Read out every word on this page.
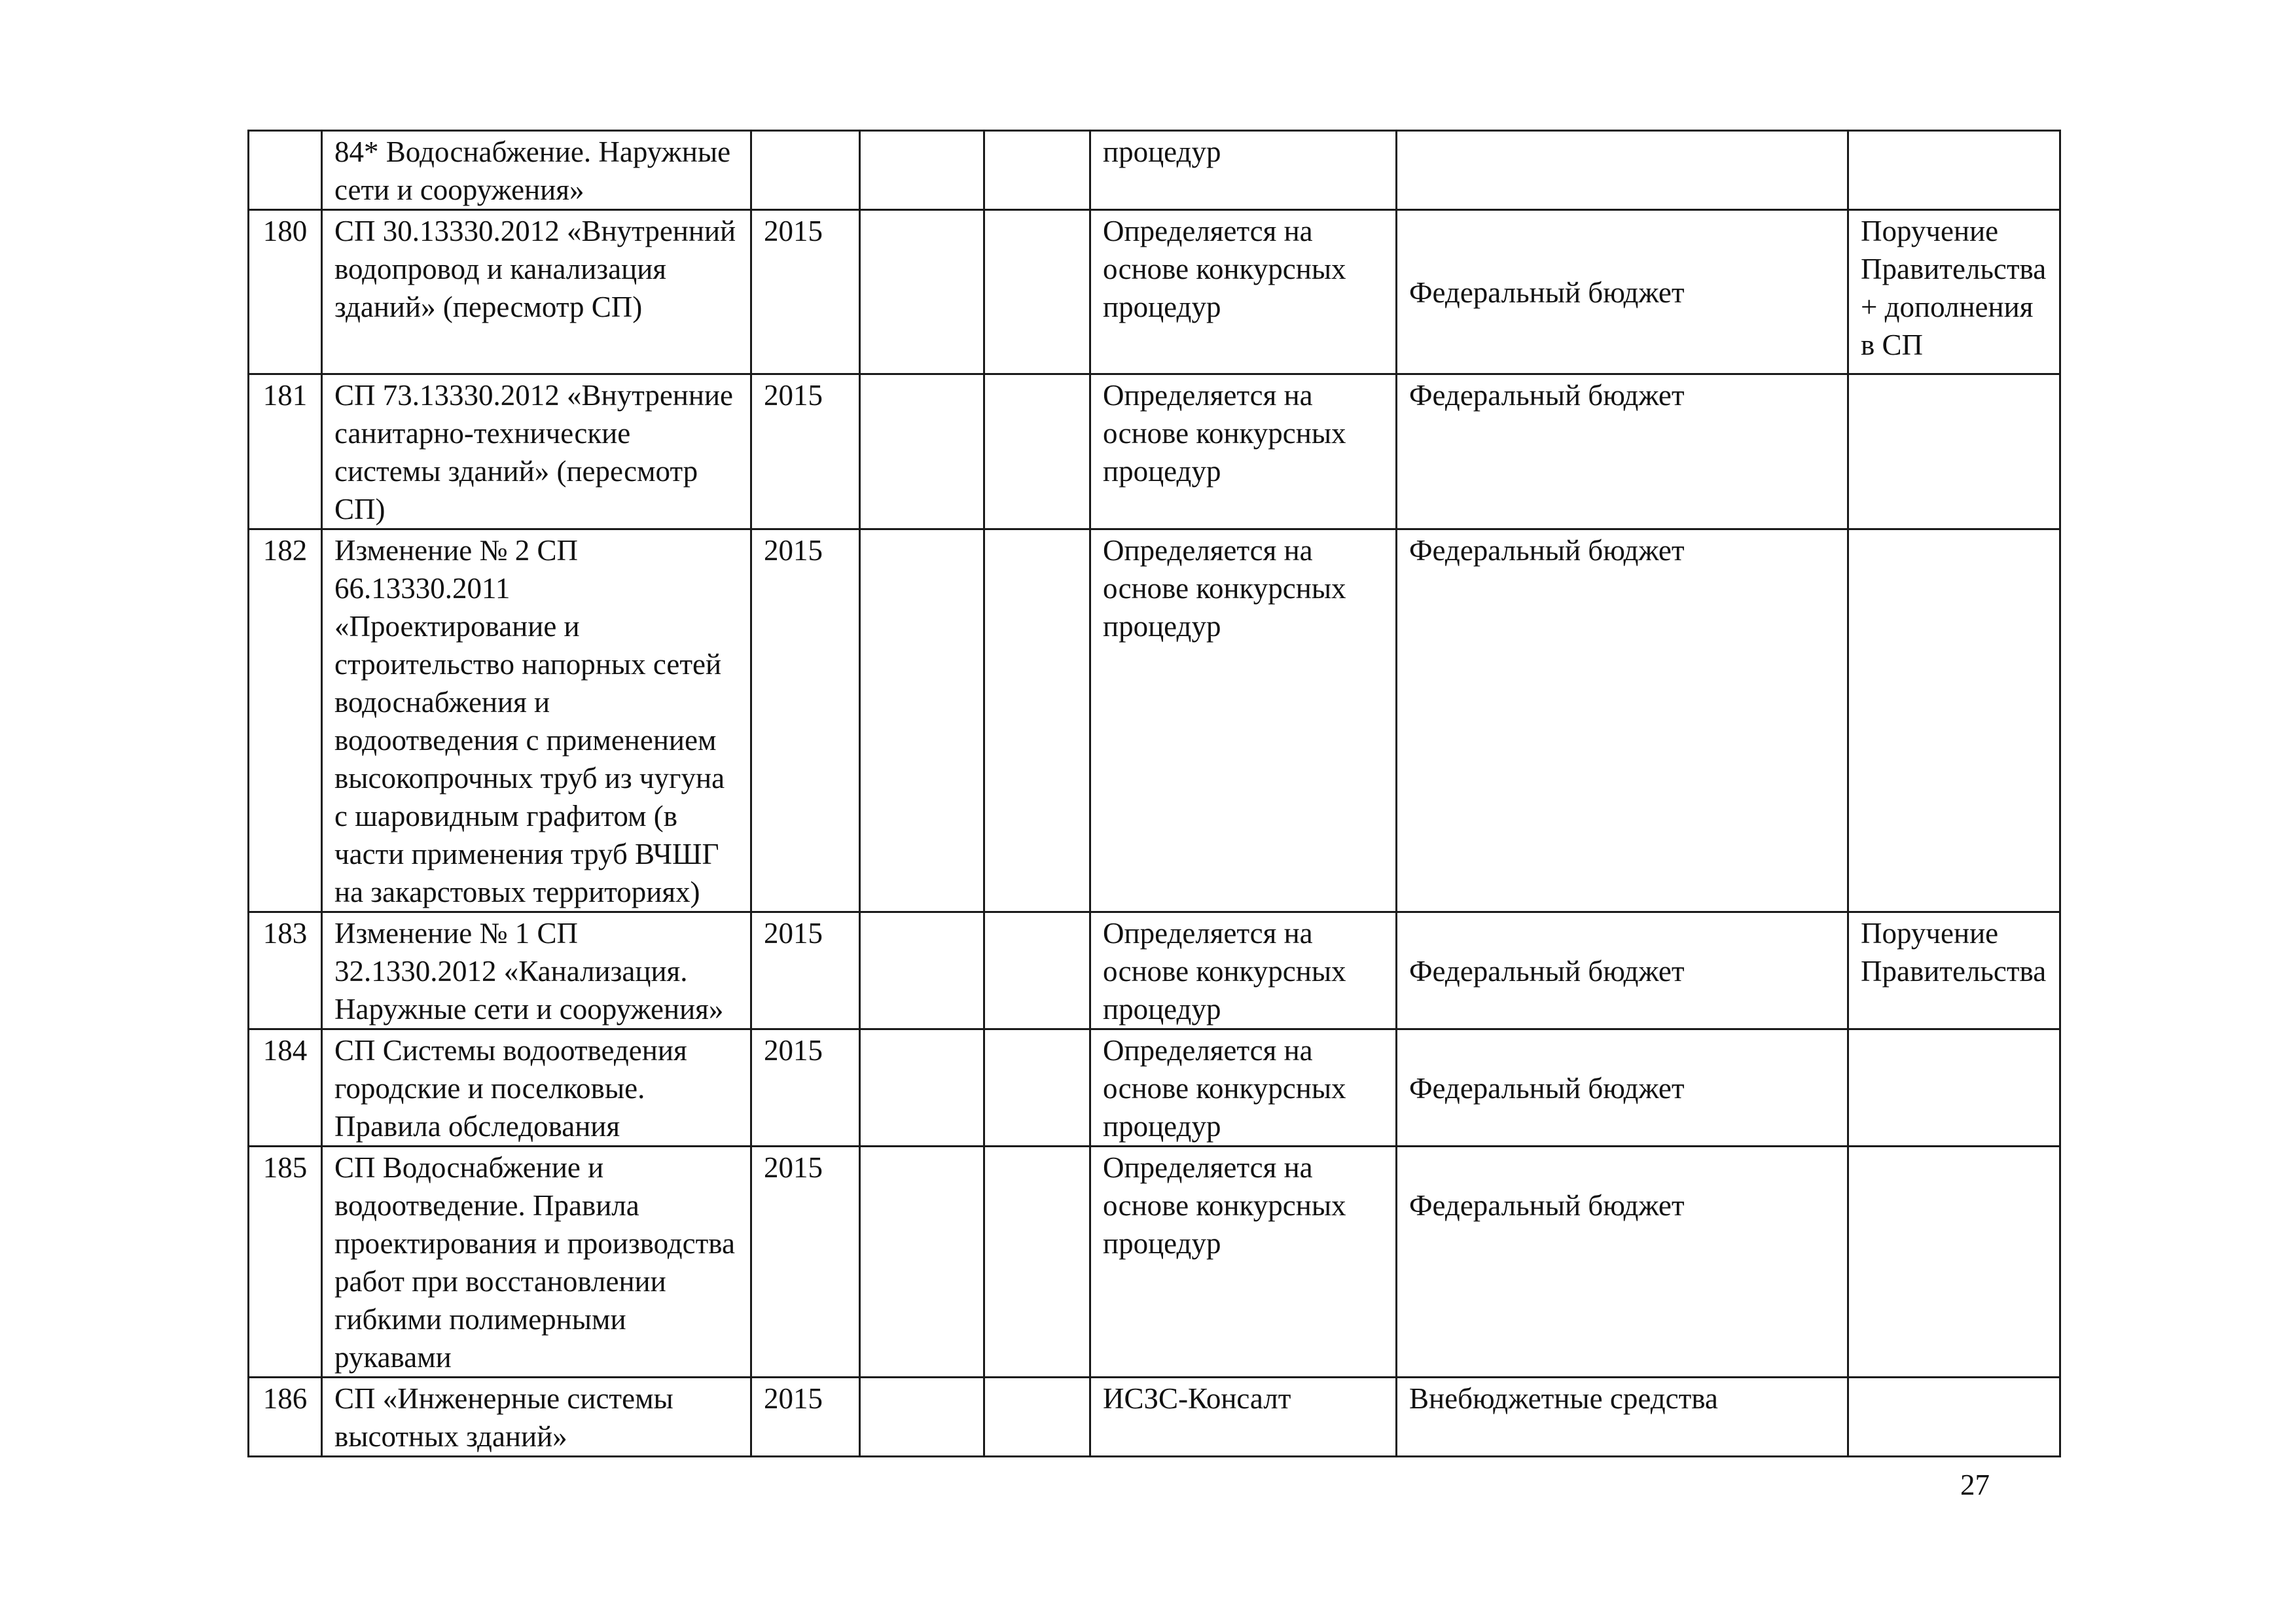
	84* Водоснабжение. Наружные сети и сооружения»				процедур		
180	СП 30.13330.2012 «Внутренний водопровод и канализация зданий» (пересмотр СП)	2015			Определяется на основе конкурсных процедур	Федеральный бюджет	Поручение Правительства + дополнения в СП
181	СП 73.13330.2012 «Внутренние санитарно-технические системы зданий» (пересмотр СП)	2015			Определяется на основе конкурсных процедур	Федеральный бюджет	
182	Изменение № 2 СП 66.13330.2011 «Проектирование и строительство напорных сетей водоснабжения и водоотведения с применением высокопрочных труб из чугуна с шаровидным графитом (в части применения труб ВЧШГ на закарстовых территориях)	2015			Определяется на основе конкурсных процедур	Федеральный бюджет	
183	Изменение № 1 СП 32.1330.2012 «Канализация. Наружные сети и сооружения»	2015			Определяется на основе конкурсных процедур	Федеральный бюджет	Поручение Правительства
184	СП Системы водоотведения городские и поселковые. Правила обследования	2015			Определяется на основе конкурсных процедур	Федеральный бюджет	
185	СП Водоснабжение и водоотведение. Правила проектирования и производства работ при восстановлении гибкими полимерными рукавами	2015			Определяется на основе конкурсных процедур	Федеральный бюджет	
186	СП «Инженерные системы высотных зданий»	2015			ИСЗС-Консалт	Внебюджетные средства	
27
